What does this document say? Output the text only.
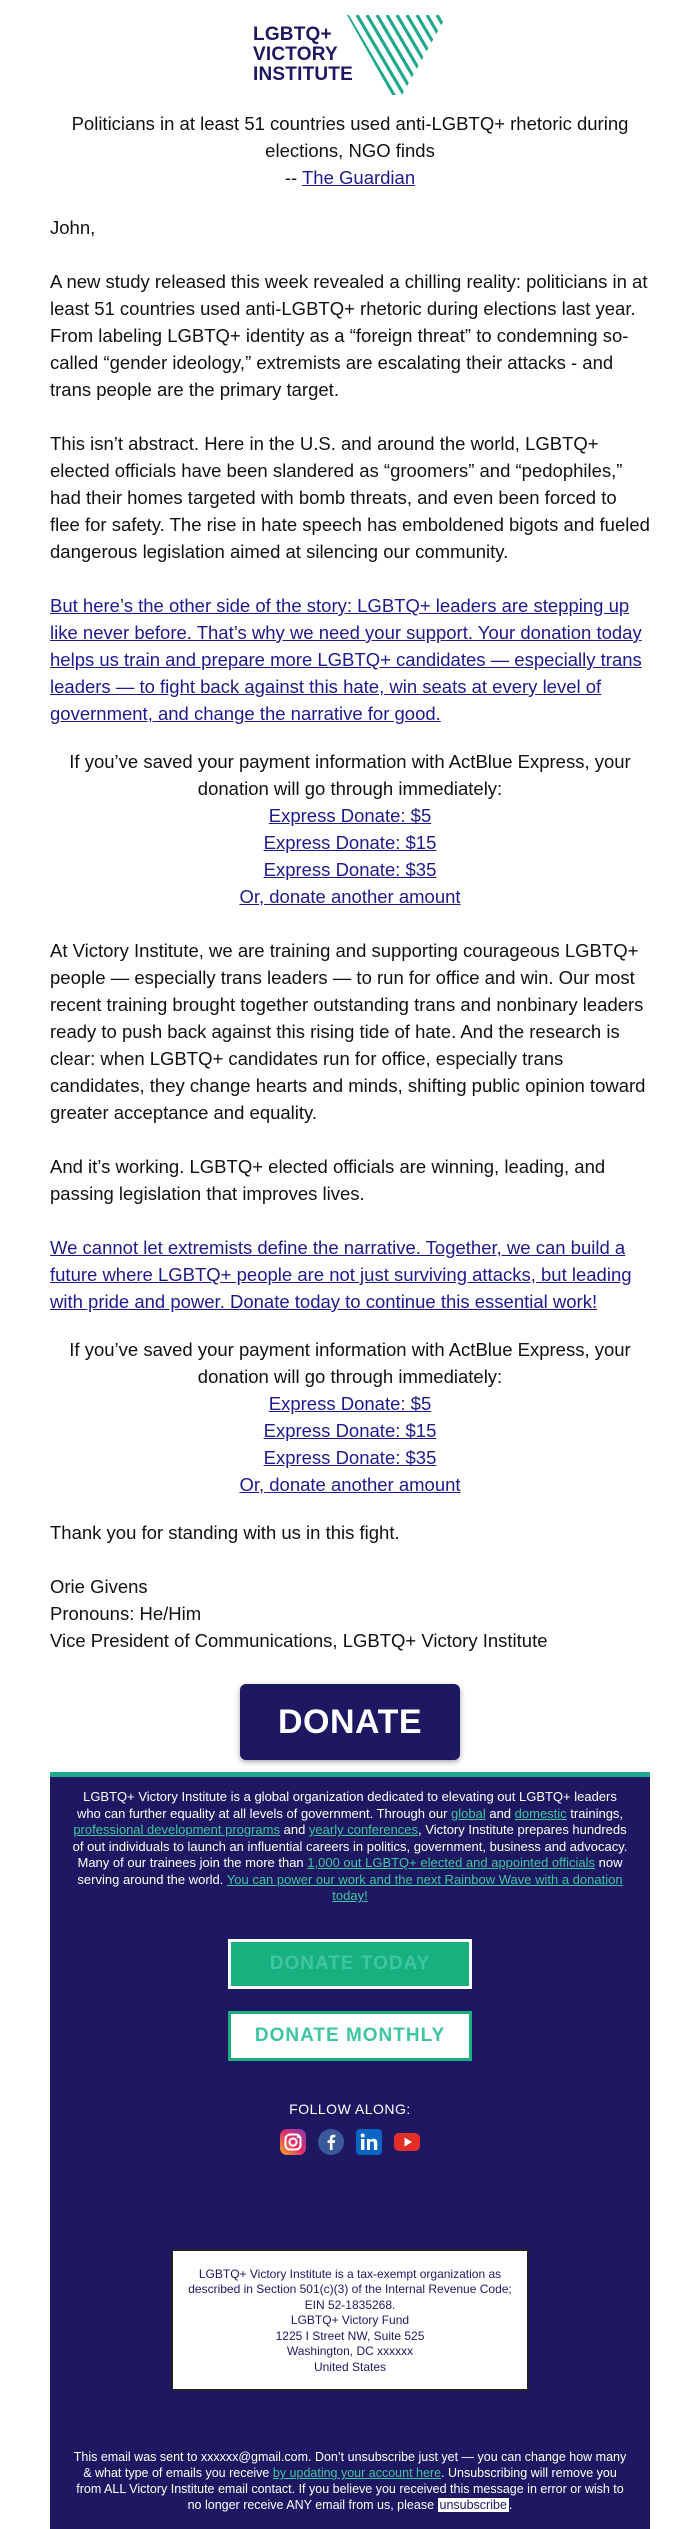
LGBTQ+
VICTORY
INSTITUTE
Politicians in at least 51 countries used anti-LGBTQ+ rhetoric during elections, NGO finds
-- The Guardian

John,

A new study released this week revealed a chilling reality: politicians in at least 51 countries used anti-LGBTQ+ rhetoric during elections last year. From labeling LGBTQ+ identity as a “foreign threat” to condemning so-called “gender ideology,” extremists are escalating their attacks - and trans people are the primary target.

This isn’t abstract. Here in the U.S. and around the world, LGBTQ+ elected officials have been slandered as “groomers” and “pedophiles,” had their homes targeted with bomb threats, and even been forced to flee for safety. The rise in hate speech has emboldened bigots and fueled dangerous legislation aimed at silencing our community.

But here’s the other side of the story: LGBTQ+ leaders are stepping up like never before. That’s why we need your support. Your donation today helps us train and prepare more LGBTQ+ candidates — especially trans leaders — to fight back against this hate, win seats at every level of government, and change the narrative for good.

If you’ve saved your payment information with ActBlue Express, your donation will go through immediately:
Express Donate: $5
Express Donate: $15
Express Donate: $35
Or, donate another amount

At Victory Institute, we are training and supporting courageous LGBTQ+ people — especially trans leaders — to run for office and win. Our most recent training brought together outstanding trans and nonbinary leaders ready to push back against this rising tide of hate. And the research is clear: when LGBTQ+ candidates run for office, especially trans candidates, they change hearts and minds, shifting public opinion toward greater acceptance and equality.

And it’s working. LGBTQ+ elected officials are winning, leading, and passing legislation that improves lives.

We cannot let extremists define the narrative. Together, we can build a future where LGBTQ+ people are not just surviving attacks, but leading with pride and power. Donate today to continue this essential work!

If you’ve saved your payment information with ActBlue Express, your donation will go through immediately:
Express Donate: $5
Express Donate: $15
Express Donate: $35
Or, donate another amount

Thank you for standing with us in this fight.

Orie Givens

Pronouns: He/Him

Vice President of Communications, LGBTQ+ Victory Institute

DONATE
LGBTQ+ Victory Institute is a global organization dedicated to elevating out LGBTQ+ leaders who can further equality at all levels of government. Through our global and domestic trainings, professional development programs and yearly conferences, Victory Institute prepares hundreds of out individuals to launch an influential careers in politics, government, business and advocacy. Many of our trainees join the more than 1,000 out LGBTQ+ elected and appointed officials now serving around the world. You can power our work and the next Rainbow Wave with a donation today!
DONATE TODAY
DONATE MONTHLY
FOLLOW ALONG:
LGBTQ+ Victory Institute is a tax-exempt organization as described in Section 501(c)(3) of the Internal Revenue Code; EIN 52-1835268.
LGBTQ+ Victory Fund
1225 I Street NW, Suite 525
Washington, DC xxxxxx
United States
This email was sent to xxxxxx@gmail.com. Don’t unsubscribe just yet — you can change how many & what type of emails you receive by updating your account here. Unsubscribing will remove you from ALL Victory Institute email contact. If you believe you received this message in error or wish to no longer receive ANY email from us, please unsubscribe .
